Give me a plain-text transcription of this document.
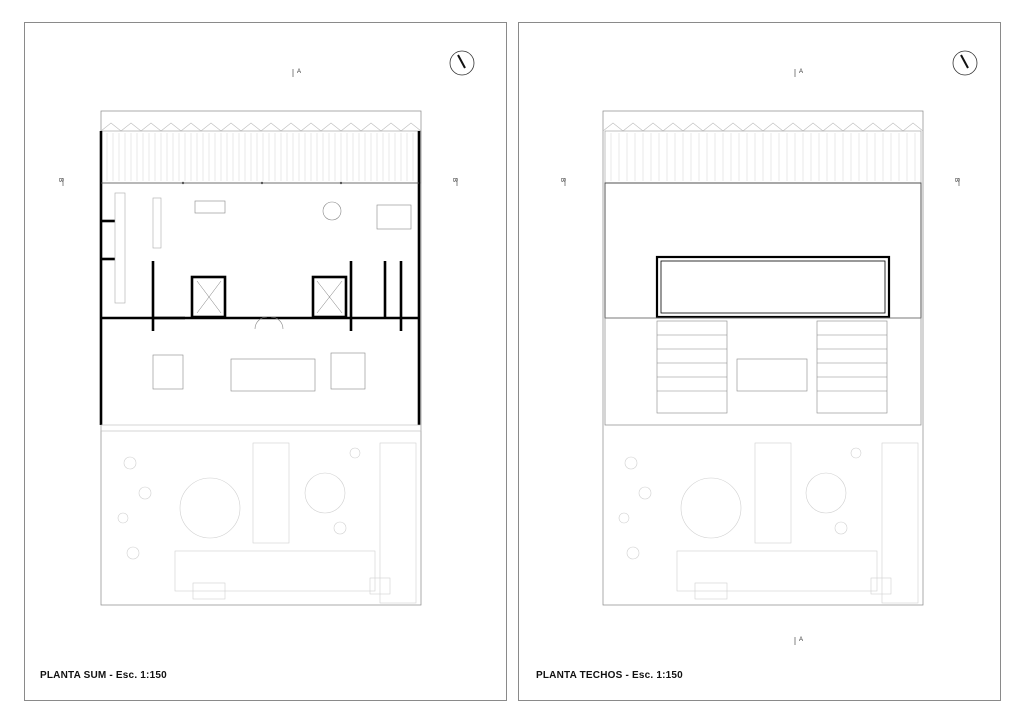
A
B	B
PLANTA SUM - Esc. 1:150
A
A
B	B
PLANTA TECHOS - Esc. 1:150
